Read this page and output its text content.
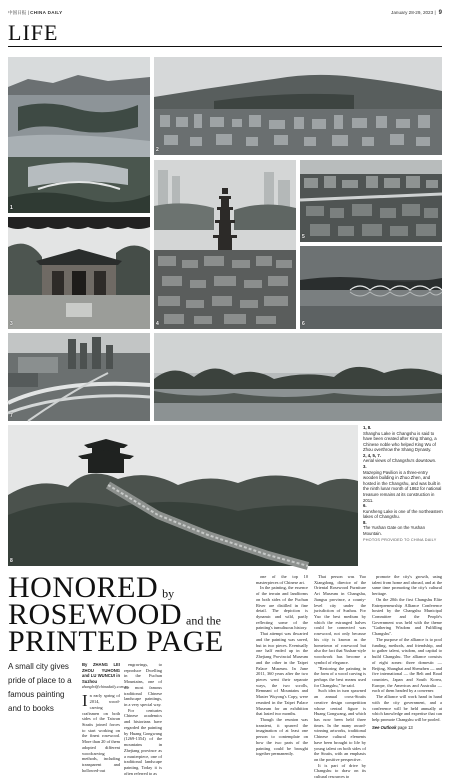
中国日报 | CHINA DAILY	January 28-29, 2023 | 9
LIFE
1
2
3	4
5
6
7
8
1, 8.
Shanghu Lake in Changshu is said to have been created after King Shang, a Chinese noble who helped King Wu of Zhou overthrow the Shang Dynasty.
2, 4, 5, 7.
Aerial views of Changshu's downtown.
3.
Mazeping Pavilion is a three-entry wooden building in Zhuo Zhen, and hosted in the Changshu, and was built in the ninth lunar month of 1862 for national treasure remains at its construction in 2011.
6.
Kunsheng Lake is one of the northeastern lakes of Changshu.
8.
The Yushan Gate on the Yushan Mountain.
PHOTOS PROVIDED TO CHINA DAILY
HONORED by
ROSEWOOD and the
PRINTED PAGE
A small city gives pride of place to a famous painting and to books
By ZHANG LEI ZHOU YUHONG and LU WUNCUI in Suzhou
zhanglei@chinadaily.com.cn

In early spring of 2014, wood-carving craftsmen on both sides of the Taiwan Straits joined forces to start working on the finest rosewood. More than 20 of them adopted different woodcarving methods, including transparent and hollowed-out

engravings, to reproduce Dwelling in the Fuchun Mountains, one of the most famous traditional Chinese landscape paintings, in a very special way.

For centuries Chinese academics and historians have regarded the painting by Huang Gongwang (1269-1354) of the mountains in Zhejiang province as a masterpiece, one of traditional landscape painting. Today it is often referred to as

one of the top 10 masterpieces of Chinese art.

In the painting, the essence of the terrain and landforms on both sides of the Fuchun River are distilled in fine detail. The depiction is dynamic and wild, partly reflecting some of the painting's tumultuous history.

That attempt was thwarted and the painting was saved, but in two pieces. Eventually one half ended up in the Zhejiang Provincial Museum and the other in the Taipei Palace Museum. In June 2011, 360 years after the two pieces went their separate ways, the two scrolls, Remnant of Mountains and Master Wuyong's Copy, were reunited in the Taipei Palace Museum for an exhibition that lasted two months.

Though the reunion was transient, it spurred the imagination of at least one person to contemplate on how the two parts of the painting could be brought together permanently.

That person was Yao Xiangdong, director of the Oriental Rosewood Furniture Art Museum in Changshu, Jiangsu province, a county-level city under the jurisdiction of Suzhou. For Yao the best medium by which the estranged halves could be connected was rosewood, not only because his city is known as the hometown of rosewood but also the fact that Yushan-style woodwork has become a symbol of elegance.

"Restoring the painting in the form of a wood carving is perhaps the best means used for Changshu," he said.

Such idea in turn spawned an annual cross-Straits creative design competition whose central figure is Huang Gongwang, and which has now been held three times. In the many award-winning artworks, traditional Chinese cultural elements have been brought to life by young talent on both sides of the Straits, with an emphasis on the positive perspective.

It is part of drive by Changshu to draw on its cultural resources to

promote the city's growth, using talent from home and abroad, and at the same time promoting the city's cultural heritage.

On the 20th the first Changshu Elite Entrepreneurship Alliance Conference hosted by the Changshu Municipal Committee and the People's Government was held with the theme "Gathering Wisdom and Fulfilling Changshu".

The purpose of the alliance is to pool funding, methods, and friendship, and to gather talent, wisdom, and capital to build Changshu. The alliance consists of eight zones: three domestic — Beijing, Shanghai and Shenzhen — and five international — the Belt and Road countries, Japan and South Korea, Europe, the Americas and Australia — each of them headed by a convener.

The alliance will work hand in hand with the city government, and a conference will be held annually at which knowledge and expertise that can help promote Changshu will be pooled.

See Outlook page 13
